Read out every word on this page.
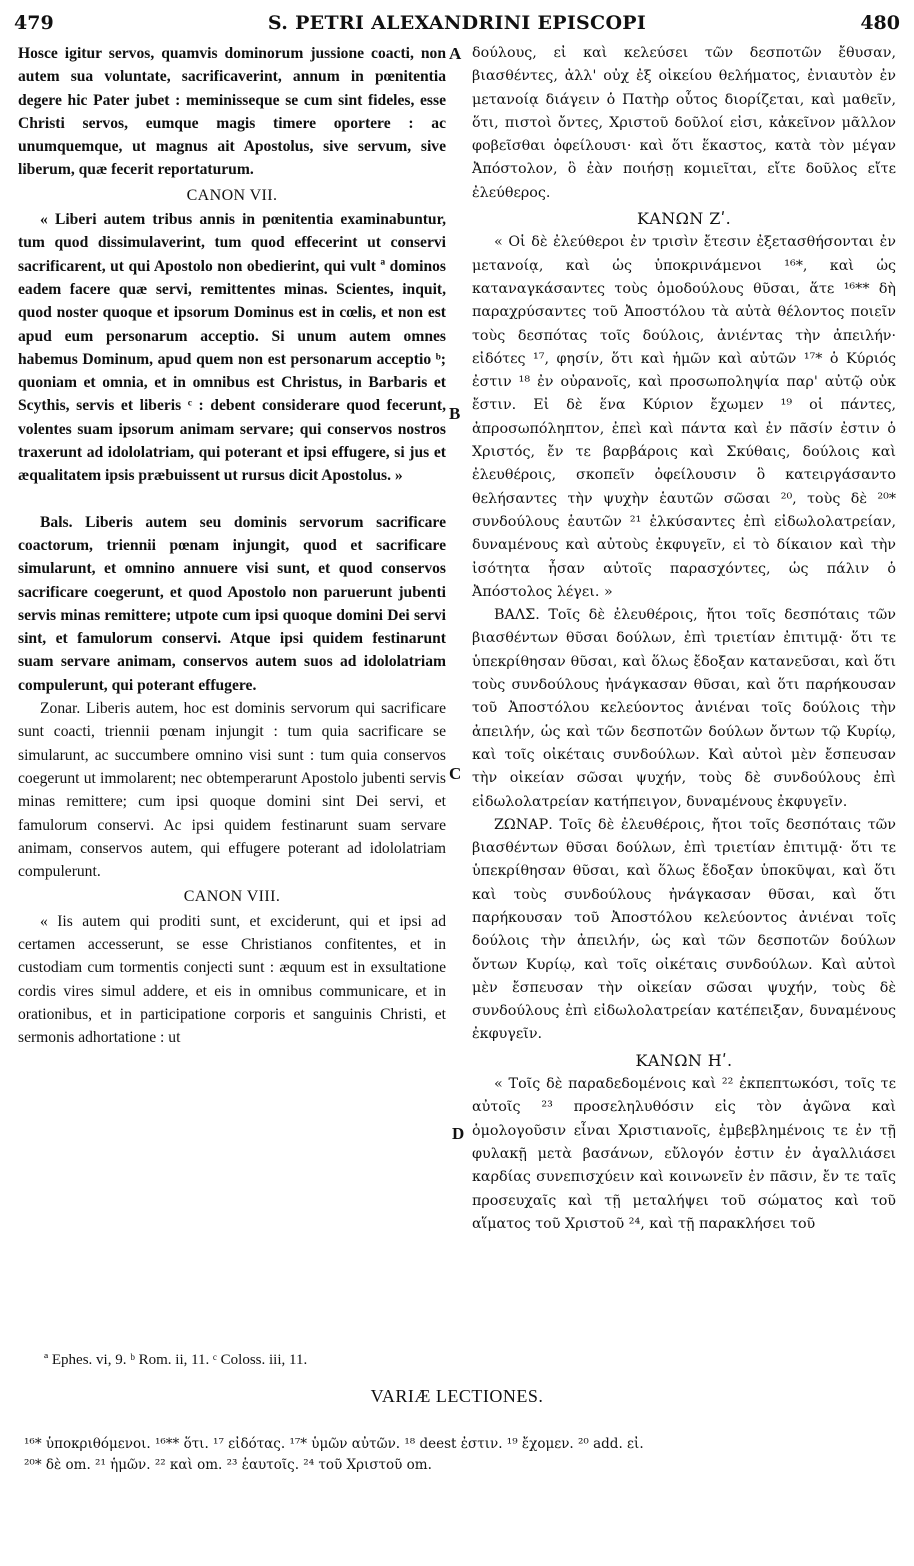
479	S. PETRI ALEXANDRINI EPISCOPI	480
A
B
C
D

Hosce igitur servos, quamvis dominorum jussione coacti, non autem sua voluntate, sacrificaverint, annum in pœnitentia degere hic Pater jubet : meminisseque se cum sint fideles, esse Christi servos, eumque magis timere oportere : ac unumquemque, ut magnus ait Apostolus, sive servum, sive liberum, quæ fecerit reportaturum.

CANON VII.

« Liberi autem tribus annis in pœnitentia examinabuntur, tum quod dissimulaverint, tum quod effecerint ut conservi sacrificarent, ut qui Apostolo non obedierint, qui vult ª dominos eadem facere quæ servi, remittentes minas. Scientes, inquit, quod noster quoque et ipsorum Dominus est in cœlis, et non est apud eum personarum acceptio. Si unum autem omnes habemus Dominum, apud quem non est personarum acceptio ᵇ; quoniam et omnia, et in omnibus est Christus, in Barbaris et Scythis, servis et liberis ᶜ : debent considerare quod fecerunt, volentes suam ipsorum animam servare; qui conservos nostros traxerunt ad idololatriam, qui poterant et ipsi effugere, si jus et æqualitatem ipsis præbuissent ut rursus dicit Apostolus. »

Bals. Liberis autem seu dominis servorum sacrificare coactorum, triennii pœnam injungit, quod et sacrificare simularunt, et omnino annuere visi sunt, et quod conservos sacrificare coegerunt, et quod Apostolo non paruerunt jubenti servis minas remittere; utpote cum ipsi quoque domini Dei servi sint, et famulorum conservi. Atque ipsi quidem festinarunt suam servare animam, conservos autem suos ad idololatriam compulerunt, qui poterant effugere.

Zonar. Liberis autem, hoc est dominis servorum qui sacrificare sunt coacti, triennii pœnam injungit : tum quia sacrificare se simularunt, ac succumbere omnino visi sunt : tum quia conservos coegerunt ut immolarent; nec obtemperarunt Apostolo jubenti servis minas remittere; cum ipsi quoque domini sint Dei servi, et famulorum conservi. Ac ipsi quidem festinarunt suam servare animam, conservos autem, qui effugere poterant ad idololatriam compulerunt.

CANON VIII.

« Iis autem qui proditi sunt, et exciderunt, qui et ipsi ad certamen accesserunt, se esse Christianos confitentes, et in custodiam cum tormentis conjecti sunt : æquum est in exsultatione cordis vires simul addere, et eis in omnibus communicare, et in orationibus, et in participatione corporis et sanguinis Christi, et sermonis adhortatione : ut

δούλους, εἰ καὶ κελεύσει τῶν δεσποτῶν ἔθυσαν, βιασθέντες, ἀλλ' οὐχ ἐξ οἰκείου θελήματος, ἐνιαυτὸν ἐν μετανοίᾳ διάγειν ὁ Πατὴρ οὗτος διορίζεται, καὶ μαθεῖν, ὅτι, πιστοὶ ὄντες, Χριστοῦ δοῦλοί εἰσι, κἀκεῖνον μᾶλλον φοβεῖσθαι ὀφείλουσι· καὶ ὅτι ἕκαστος, κατὰ τὸν μέγαν Ἀπόστολον, ὃ ἐὰν ποιήσῃ κομιεῖται, εἴτε δοῦλος εἴτε ἐλεύθερος.

ΚΑΝΩΝ Ζʹ.

« Οἱ δὲ ἐλεύθεροι ἐν τρισὶν ἔτεσιν ἐξετασθήσονται ἐν μετανοίᾳ, καὶ ὡς ὑποκρινάμενοι ¹⁶*, καὶ ὡς καταναγκάσαντες τοὺς ὁμοδούλους θῦσαι, ἅτε ¹⁶** δὴ παραχρύσαντες τοῦ Ἀποστόλου τὰ αὐτὰ θέλοντος ποιεῖν τοὺς δεσπότας τοῖς δούλοις, ἀνιέντας τὴν ἀπειλήν· εἰδότες ¹⁷, φησίν, ὅτι καὶ ἡμῶν καὶ αὐτῶν ¹⁷* ὁ Κύριός ἐστιν ¹⁸ ἐν οὐρανοῖς, καὶ προσωποληψία παρ' αὐτῷ οὐκ ἔστιν. Εἰ δὲ ἕνα Κύριον ἔχωμεν ¹⁹ οἱ πάντες, ἀπροσωπόληπτον, ἐπεὶ καὶ πάντα καὶ ἐν πᾶσίν ἐστιν ὁ Χριστός, ἔν τε βαρβάροις καὶ Σκύθαις, δούλοις καὶ ἐλευθέροις, σκοπεῖν ὀφείλουσιν ὃ κατειργάσαντο θελήσαντες τὴν ψυχὴν ἑαυτῶν σῶσαι ²⁰, τοὺς δὲ ²⁰* συνδούλους ἑαυτῶν ²¹ ἑλκύσαντες ἐπὶ εἰδωλολατρείαν, δυναμένους καὶ αὐτοὺς ἐκφυγεῖν, εἰ τὸ δίκαιον καὶ τὴν ἰσότητα ἦσαν αὐτοῖς παρασχόντες, ὡς πάλιν ὁ Ἀπόστολος λέγει. »

ΒΑΛΣ. Τοῖς δὲ ἐλευθέροις, ἤτοι τοῖς δεσπόταις τῶν βιασθέντων θῦσαι δούλων, ἐπὶ τριετίαν ἐπιτιμᾷ· ὅτι τε ὑπεκρίθησαν θῦσαι, καὶ ὅλως ἔδοξαν κατανεῦσαι, καὶ ὅτι τοὺς συνδούλους ἠνάγκασαν θῦσαι, καὶ ὅτι παρήκουσαν τοῦ Ἀποστόλου κελεύοντος ἀνιέναι τοῖς δούλοις τὴν ἀπειλήν, ὡς καὶ τῶν δεσποτῶν δούλων ὄντων τῷ Κυρίῳ, καὶ τοῖς οἰκέταις συνδούλων. Καὶ αὐτοὶ μὲν ἔσπευσαν τὴν οἰκείαν σῶσαι ψυχήν, τοὺς δὲ συνδούλους ἐπὶ εἰδωλολατρείαν κατήπειγον, δυναμένους ἐκφυγεῖν.

ΖΩΝΑΡ. Τοῖς δὲ ἐλευθέροις, ἤτοι τοῖς δεσπόταις τῶν βιασθέντων θῦσαι δούλων, ἐπὶ τριετίαν ἐπιτιμᾷ· ὅτι τε ὑπεκρίθησαν θῦσαι, καὶ ὅλως ἔδοξαν ὑποκῦψαι, καὶ ὅτι καὶ τοὺς συνδούλους ἠνάγκασαν θῦσαι, καὶ ὅτι παρήκουσαν τοῦ Ἀποστόλου κελεύοντος ἀνιέναι τοῖς δούλοις τὴν ἀπειλήν, ὡς καὶ τῶν δεσποτῶν δούλων ὄντων Κυρίῳ, καὶ τοῖς οἰκέταις συνδούλων. Καὶ αὐτοὶ μὲν ἔσπευσαν τὴν οἰκείαν σῶσαι ψυχήν, τοὺς δὲ συνδούλους ἐπὶ εἰδωλολατρείαν κατέπειξαν, δυναμένους ἐκφυγεῖν.

ΚΑΝΩΝ Ηʹ.

« Τοῖς δὲ παραδεδομένοις καὶ ²² ἐκπεπτωκόσι, τοῖς τε αὐτοῖς ²³ προσεληλυθόσιν εἰς τὸν ἀγῶνα καὶ ὁμολογοῦσιν εἶναι Χριστιανοῖς, ἐμβεβλημένοις τε ἐν τῇ φυλακῇ μετὰ βασάνων, εὔλογόν ἐστιν ἐν ἀγαλλιάσει καρδίας συνεπισχύειν καὶ κοινωνεῖν ἐν πᾶσιν, ἔν τε ταῖς προσευχαῖς καὶ τῇ μεταλήψει τοῦ σώματος καὶ τοῦ αἵματος τοῦ Χριστοῦ ²⁴, καὶ τῇ παρακλήσει τοῦ

ª Ephes. vi, 9. ᵇ Rom. ii, 11. ᶜ Coloss. iii, 11.
VARIÆ LECTIONES.
¹⁶* ὑποκριθόμενοι. ¹⁶** ὅτι. ¹⁷ εἰδότας. ¹⁷* ὑμῶν αὐτῶν. ¹⁸ deest ἐστιν. ¹⁹ ἔχομεν. ²⁰ add. εἰ.
²⁰* δὲ om. ²¹ ἡμῶν. ²² καὶ om. ²³ ἑαυτοῖς. ²⁴ τοῦ Χριστοῦ om.
